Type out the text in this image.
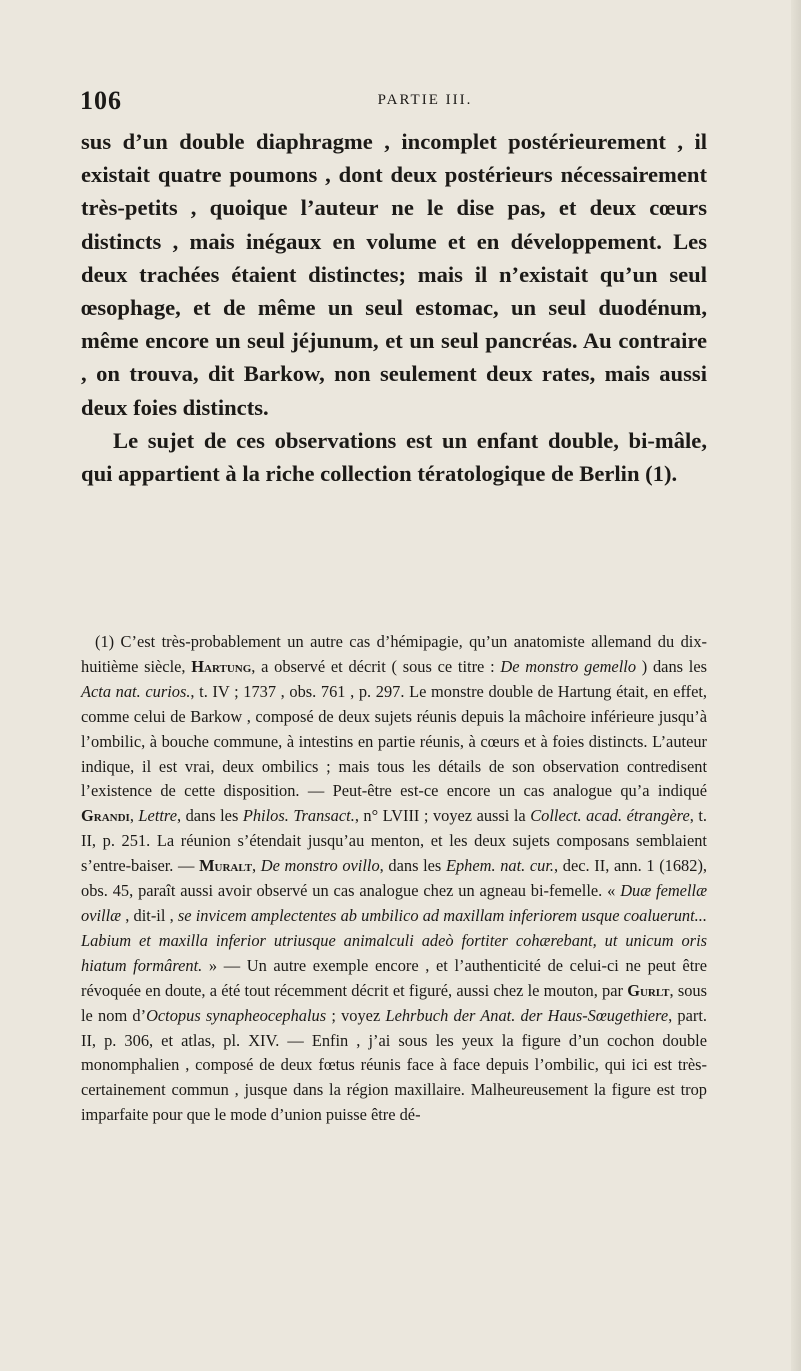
106	PARTIE III.

sus d’un double diaphragme , incomplet postérieurement , il existait quatre poumons , dont deux postérieurs nécessairement très-petits , quoique l’auteur ne le dise pas, et deux cœurs distincts , mais inégaux en volume et en développement. Les deux trachées étaient distinctes; mais il n’existait qu’un seul œsophage, et de même un seul estomac, un seul duodénum, même encore un seul jéjunum, et un seul pancréas. Au contraire , on trouva, dit Barkow, non seulement deux rates, mais aussi deux foies distincts.

Le sujet de ces observations est un enfant double, bi-mâle, qui appartient à la riche collection tératologique de Berlin (1).

(1) C’est très-probablement un autre cas d’hémipagie, qu’un anatomiste allemand du dix-huitième siècle, Hartung, a observé et décrit ( sous ce titre : De monstro gemello ) dans les Acta nat. curios., t. IV ; 1737 , obs. 761 , p. 297. Le monstre double de Hartung était, en effet, comme celui de Barkow , composé de deux sujets réunis depuis la mâchoire inférieure jusqu’à l’ombilic, à bouche commune, à intestins en partie réunis, à cœurs et à foies distincts. L’auteur indique, il est vrai, deux ombilics ; mais tous les détails de son observation contredisent l’existence de cette disposition. — Peut-être est-ce encore un cas analogue qu’a indiqué Grandi, Lettre, dans les Philos. Transact., n° LVIII ; voyez aussi la Collect. acad. étrangère, t. II, p. 251. La réunion s’étendait jusqu’au menton, et les deux sujets composans semblaient s’entre-baiser. — Muralt, De monstro ovillo, dans les Ephem. nat. cur., dec. II, ann. 1 (1682), obs. 45, paraît aussi avoir observé un cas analogue chez un agneau bi-femelle. « Duæ femellæ ovillæ , dit-il , se invicem amplectentes ab umbilico ad maxillam inferiorem usque coaluerunt... Labium et maxilla inferior utriusque animalculi adeò fortiter cohærebant, ut unicum oris hiatum formârent. » — Un autre exemple encore , et l’authenticité de celui-ci ne peut être révoquée en doute, a été tout récemment décrit et figuré, aussi chez le mouton, par Gurlt, sous le nom d’Octopus synapheocephalus ; voyez Lehrbuch der Anat. der Haus-Sœugethiere, part. II, p. 306, et atlas, pl. XIV. — Enfin , j’ai sous les yeux la figure d’un cochon double monomphalien , composé de deux fœtus réunis face à face depuis l’ombilic, qui ici est très-certainement commun , jusque dans la région maxillaire. Malheureusement la figure est trop imparfaite pour que le mode d’union puisse être dé-
